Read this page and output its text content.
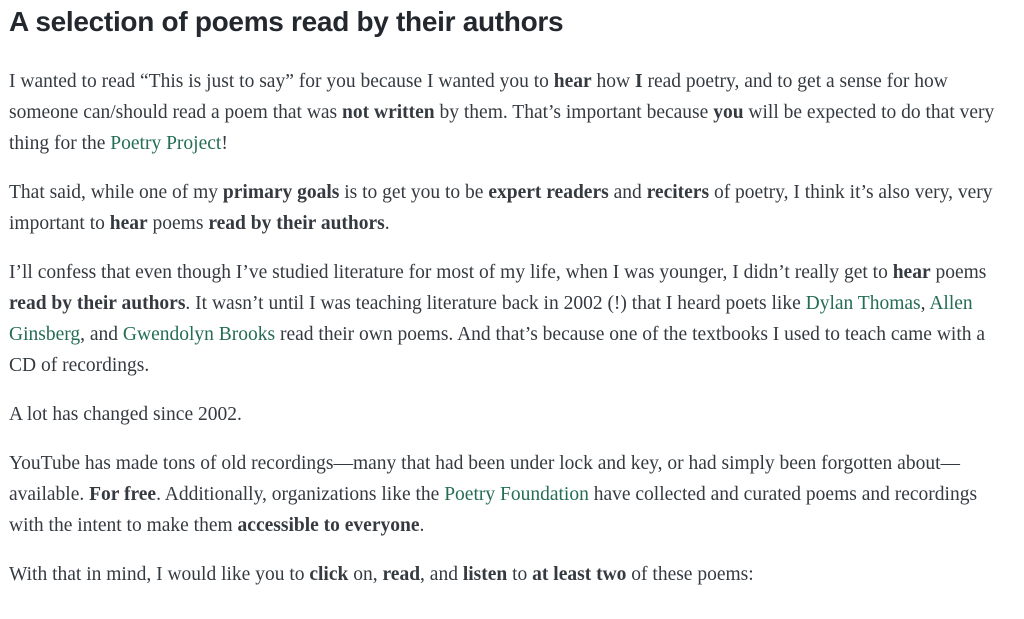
A selection of poems read by their authors

I wanted to read “This is just to say” for you because I wanted you to hear how I read poetry, and to get a sense for how someone can/should read a poem that was not written by them. That’s important because you will be expected to do that very thing for the Poetry Project!

That said, while one of my primary goals is to get you to be expert readers and reciters of poetry, I think it’s also very, very important to hear poems read by their authors.

I’ll confess that even though I’ve studied literature for most of my life, when I was younger, I didn’t really get to hear poems read by their authors. It wasn’t until I was teaching literature back in 2002 (!) that I heard poets like Dylan Thomas, Allen Ginsberg, and Gwendolyn Brooks read their own poems. And that’s because one of the textbooks I used to teach came with a CD of recordings.

A lot has changed since 2002.

YouTube has made tons of old recordings—many that had been under lock and key, or had simply been forgotten about—available. For free. Additionally, organizations like the Poetry Foundation have collected and curated poems and recordings with the intent to make them accessible to everyone.

With that in mind, I would like you to click on, read, and listen to at least two of these poems:
